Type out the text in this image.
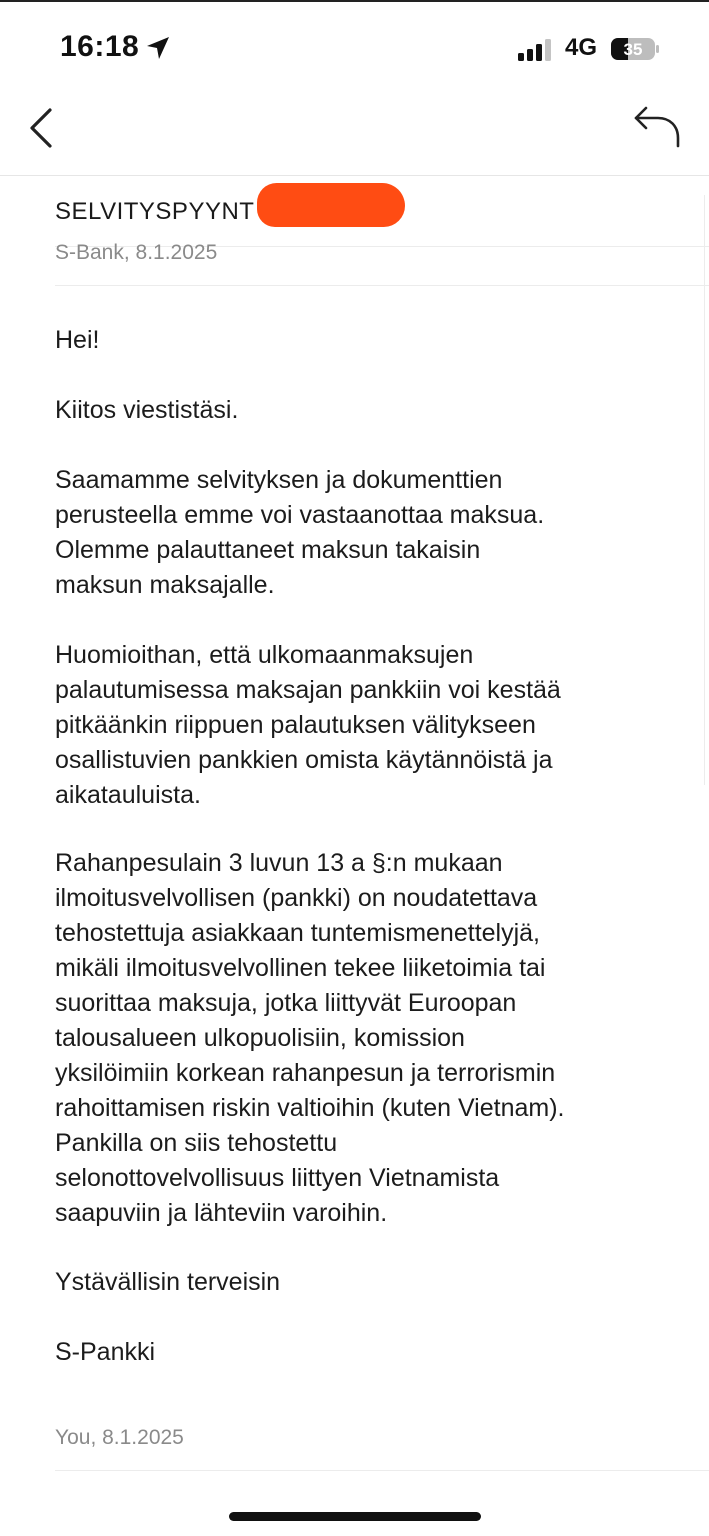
16:18	4G 35
SELVITYSPYYNT
S-Bank, 8.1.2025
Hei!
Kiitos viestistäsi.
Saamamme selvityksen ja dokumenttien
perusteella emme voi vastaanottaa maksua.
Olemme palauttaneet maksun takaisin
maksun maksajalle.
Huomioithan, että ulkomaanmaksujen
palautumisessa maksajan pankkiin voi kestää
pitkäänkin riippuen palautuksen välitykseen
osallistuvien pankkien omista käytännöistä ja
aikatauluista.
Rahanpesulain 3 luvun 13 a §:n mukaan
ilmoitusvelvollisen (pankki) on noudatettava
tehostettuja asiakkaan tuntemismenettelyjä,
mikäli ilmoitusvelvollinen tekee liiketoimia tai
suorittaa maksuja, jotka liittyvät Euroopan
talousalueen ulkopuolisiin, komission
yksilöimiin korkean rahanpesun ja terrorismin
rahoittamisen riskin valtioihin (kuten Vietnam).
Pankilla on siis tehostettu
selonottovelvollisuus liittyen Vietnamista
saapuviin ja lähteviin varoihin.
Ystävällisin terveisin
S-Pankki
You, 8.1.2025
